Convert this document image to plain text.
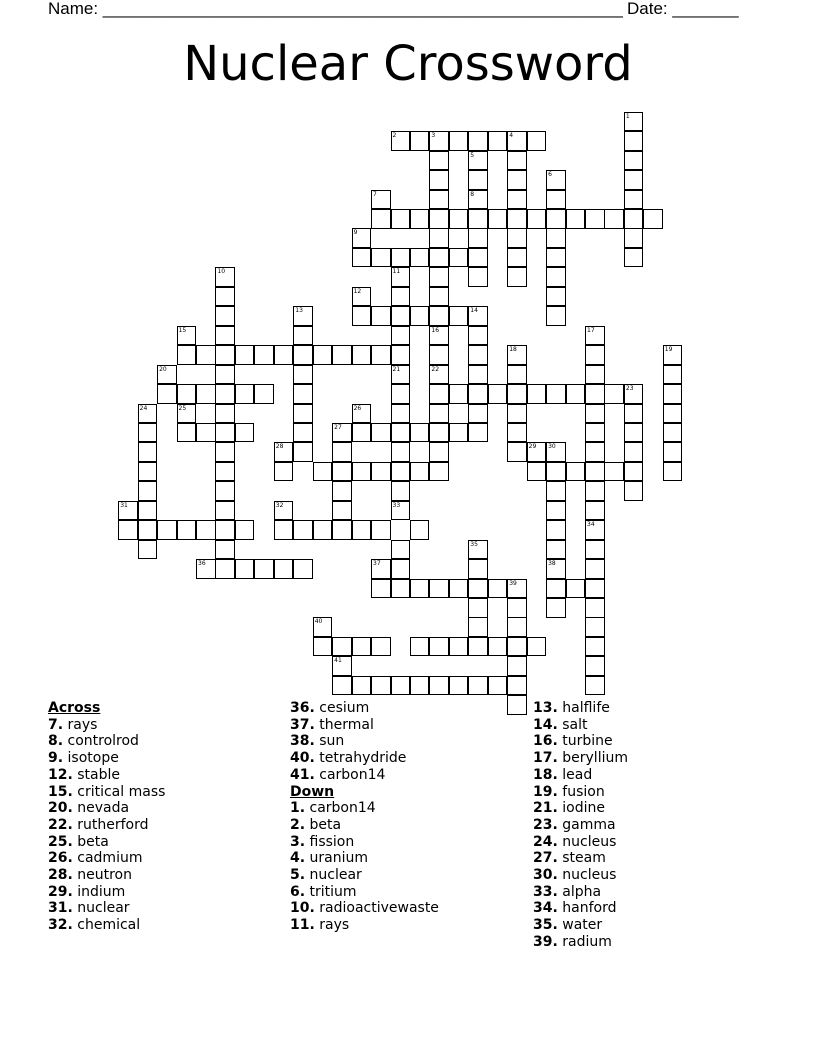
Name: _______________________________________________________ Date: _______
Nuclear Crossword
1
2	3	4
5
8
6
21	22
38
36
7
9
10	11
12
13	14
15	16	17
18	19
20
23
24	25	26
27
28	29 30
31	32	33
34
35
37
39
40
41
Across
7. rays
8. controlrod
9. isotope
12. stable
15. critical mass
20. nevada
22. rutherford
25. beta
26. cadmium
28. neutron
29. indium
31. nuclear
32. chemical
36. cesium
37. thermal
38. sun
40. tetrahydride
41. carbon14
Down
1. carbon14
2. beta
3. fission
4. uranium
5. nuclear
6. tritium
10. radioactivewaste
11. rays
13. halflife
14. salt
16. turbine
17. beryllium
18. lead
19. fusion
21. iodine
23. gamma
24. nucleus
27. steam
30. nucleus
33. alpha
34. hanford
35. water
39. radium
